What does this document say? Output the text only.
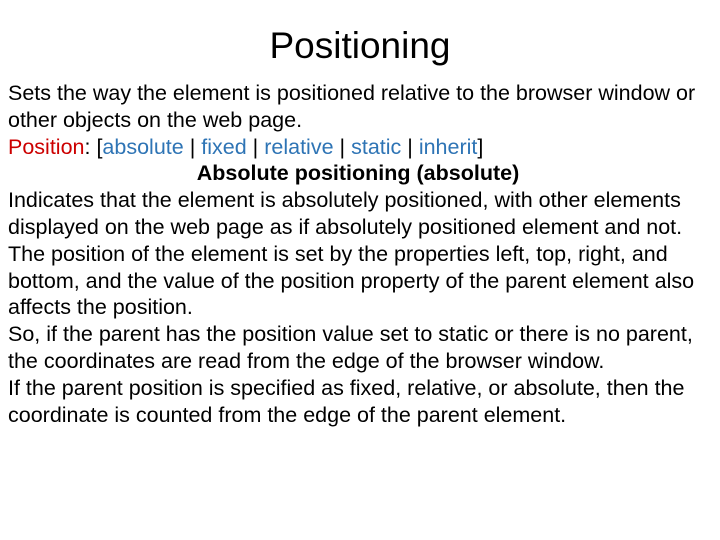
Positioning

Sets the way the element is positioned relative to the browser window or other objects on the web page.

Position: [absolute | fixed | relative | static | inherit]

Absolute positioning (absolute)

Indicates that the element is absolutely positioned, with other elements displayed on the web page as if absolutely positioned element and not.

The position of the element is set by the properties left, top, right, and bottom, and the value of the position property of the parent element also affects the position.

So, if the parent has the position value set to static or there is no parent, the coordinates are read from the edge of the browser window.

If the parent position is specified as fixed, relative, or absolute, then the coordinate is counted from the edge of the parent element.
